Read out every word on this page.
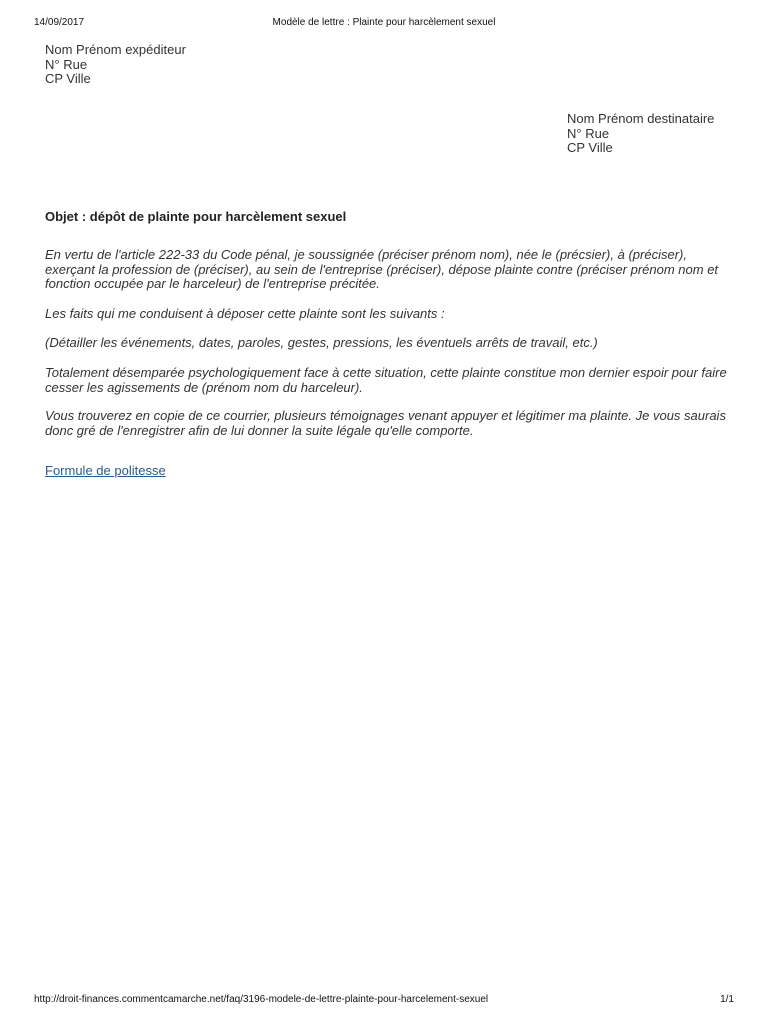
14/09/2017	Modèle de lettre : Plainte pour harcèlement sexuel
Nom Prénom expéditeur
N° Rue
CP Ville
Nom Prénom destinataire
N° Rue
CP Ville
Objet : dépôt de plainte pour harcèlement sexuel
En vertu de l'article 222-33 du Code pénal, je soussignée (préciser prénom nom), née le (précsier), à (préciser), exerçant la profession de (préciser), au sein de l'entreprise (préciser), dépose plainte contre (préciser prénom nom et fonction occupée par le harceleur) de l'entreprise précitée.
Les faits qui me conduisent à déposer cette plainte sont les suivants :
(Détailler les événements, dates, paroles, gestes, pressions, les éventuels arrêts de travail, etc.)
Totalement désemparée psychologiquement face à cette situation, cette plainte constitue mon dernier espoir pour faire cesser les agissements de (prénom nom du harceleur).
Vous trouverez en copie de ce courrier, plusieurs témoignages venant appuyer et légitimer ma plainte. Je vous saurais donc gré de l'enregistrer afin de lui donner la suite légale qu'elle comporte.
Formule de politesse
http://droit-finances.commentcamarche.net/faq/3196-modele-de-lettre-plainte-pour-harcelement-sexuel	1/1
